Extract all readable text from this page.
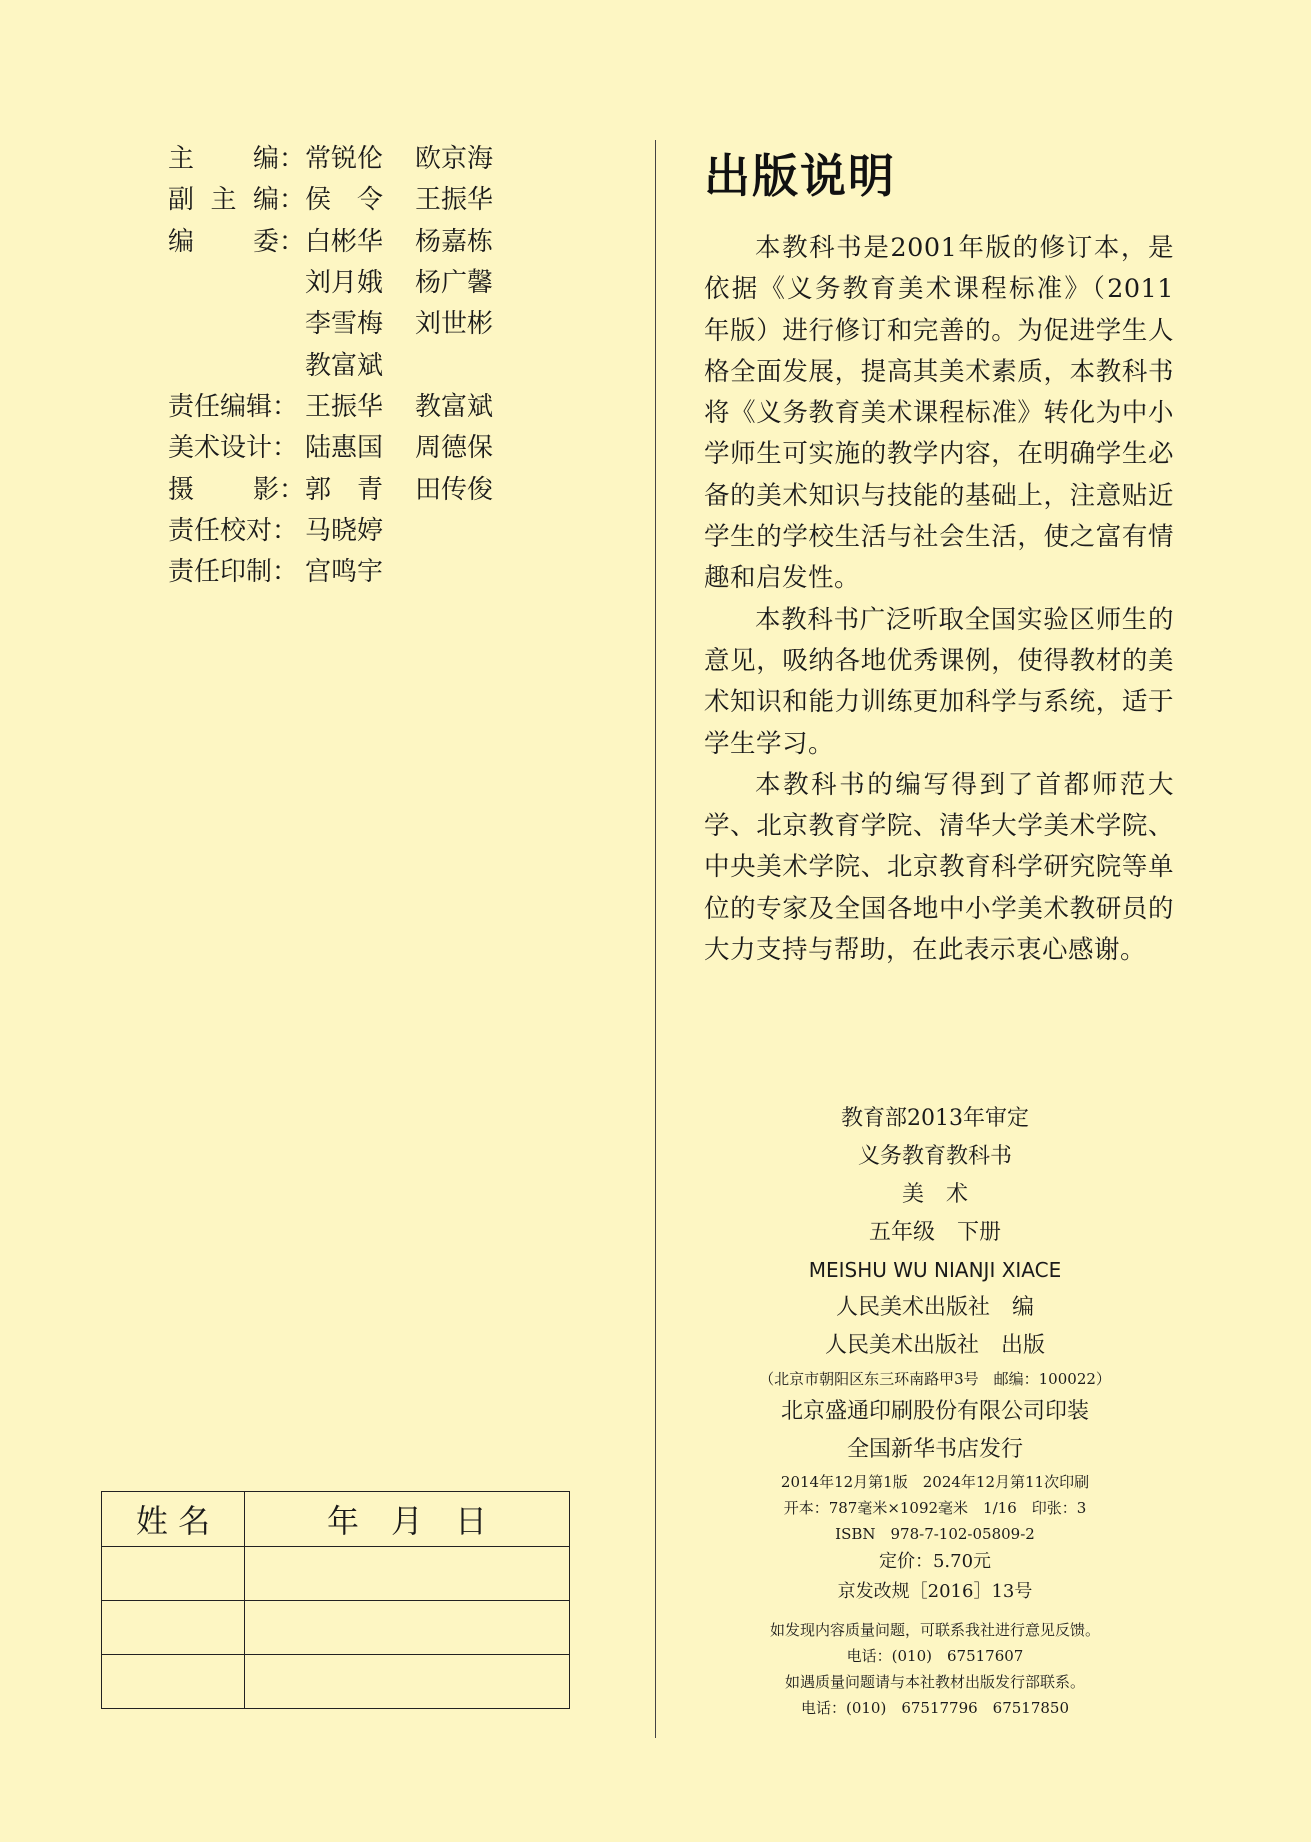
主 编： 常锐伦	欧京海
副 主 编： 侯　令	王振华
编 委： 白彬华	杨嘉栋
刘月娥	杨广馨
李雪梅	刘世彬
教富斌
责任编辑： 王振华	教富斌
美术设计： 陆惠国	周德保
摄 影： 郭　青	田传俊
责任校对： 马晓婷
责任印制： 宫鸣宇
出版说明

本教科书是2001年版的修订本，是依据《义务教育美术课程标准》（2011年版）进行修订和完善的。为促进学生人格全面发展，提高其美术素质，本教科书将《义务教育美术课程标准》转化为中小学师生可实施的教学内容，在明确学生必备的美术知识与技能的基础上，注意贴近学生的学校生活与社会生活，使之富有情趣和启发性。

本教科书广泛听取全国实验区师生的意见，吸纳各地优秀课例，使得教材的美术知识和能力训练更加科学与系统，适于学生学习。

本教科书的编写得到了首都师范大学、北京教育学院、清华大学美术学院、中央美术学院、北京教育科学研究院等单位的专家及全国各地中小学美术教研员的大力支持与帮助，在此表示衷心感谢。

教育部2013年审定
义务教育教科书
美　术
五年级　下册
MEISHU WU NIANJI XIACE
人民美术出版社　编
人民美术出版社　出版
（北京市朝阳区东三环南路甲3号　邮编：100022）
北京盛通印刷股份有限公司印装
全国新华书店发行
2014年12月第1版　2024年12月第11次印刷
开本：787毫米×1092毫米　1/16　印张：3
ISBN　978-7-102-05809-2
定价：5.70元
京发改规［2016］13号
如发现内容质量问题，可联系我社进行意见反馈。
电话：(010)　67517607
如遇质量问题请与本社教材出版发行部联系。
电话：(010)　67517796　67517850
姓 名	年　月　日
